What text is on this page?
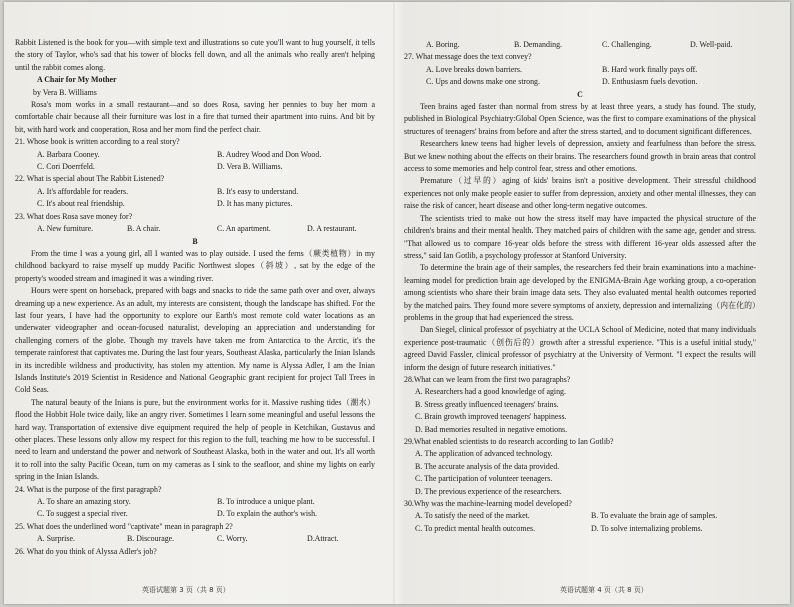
Rabbit Listened is the book for you—with simple text and illustrations so cute you'll want to hug yourself, it tells the story of Taylor, who's sad that his tower of blocks fell down, and all the animals who really aren't helping until the rabbit comes along.

A Chair for My Mother

by Vera B. Williams

Rosa's mom works in a small restaurant—and so does Rosa, saving her pennies to buy her mom a comfortable chair because all their furniture was lost in a fire that turned their apartment into ruins. And bit by bit, with hard work and cooperation, Rosa and her mom find the perfect chair.

21. Whose book is written according to a real story?

A. Barbara Cooney.	B. Audrey Wood and Don Wood.
C. Cori Doerrfeld.	D. Vera B. Williams.

22. What is special about The Rabbit Listened?

A. It's affordable for readers.	B. It's easy to understand.
C. It's about real friendship.	D. It has many pictures.

23. What does Rosa save money for?

A. New furniture.	B. A chair.	C. An apartment.	D. A restaurant.

B

From the time I was a young girl, all I wanted was to play outside. I used the ferns（蕨类植物）in my childhood backyard to raise myself up muddy Pacific Northwest slopes（斜坡）, sat by the edge of the property's wooded stream and imagined it was a winding river.

Hours were spent on horseback, prepared with bags and snacks to ride the same path over and over, always dreaming up a new experience. As an adult, my interests are consistent, though the landscape has shifted. For the last four years, I have had the opportunity to explore our Earth's most remote cold water locations as an underwater videographer and ocean-focused naturalist, developing an appreciation and understanding for challenging corners of the globe. Though my travels have taken me from Antarctica to the Arctic, it's the temperate rainforest that captivates me. During the last four years, Southeast Alaska, particularly the Inian Islands in its incredible wildness and productivity, has stolen my attention. My name is Alyssa Adler, I am the Inian Islands Institute's 2019 Scientist in Residence and National Geographic grant recipient for project Tall Trees in Cold Seas.

The natural beauty of the Inians is pure, but the environment works for it. Massive rushing tides（潮水）flood the Hobbit Hole twice daily, like an angry river. Sometimes I learn some meaningful and useful lessons the hard way. Transportation of extensive dive equipment required the help of people in Ketchikan, Gustavus and other places. These lessons only allow my respect for this region to the full, teaching me how to be successful. I need to learn and understand the power and network of Southeast Alaska, both in the water and out. It's all worth it to roll into the salty Pacific Ocean, turn on my cameras as I sink to the seafloor, and shine my lights on early spring in the Inian Islands.

24. What is the purpose of the first paragraph?

A. To share an amazing story.	B. To introduce a unique plant.
C. To suggest a special river.	D. To explain the author's wish.

25. What does the underlined word "captivate" mean in paragraph 2?

A. Surprise.	B. Discourage.	C. Worry.	D.Attract.

26. What do you think of Alyssa Adler's job?

A. Boring.	B. Demanding.	C. Challenging.	D. Well-paid.

27. What message does the text convey?

A. Love breaks down barriers.	B. Hard work finally pays off.
C. Ups and downs make one strong.	D. Enthusiasm fuels devotion.

C

Teen brains aged faster than normal from stress by at least three years, a study has found. The study, published in Biological Psychiatry:Global Open Science, was the first to compare examinations of the physical structures of teenagers' brains from before and after the stress started, and to document significant differences.

Researchers knew teens had higher levels of depression, anxiety and fearfulness than before the stress. But we knew nothing about the effects on their brains. The researchers found growth in brain areas that control access to some memories and help control fear, stress and other emotions.

Premature（过早的）aging of kids' brains isn't a positive development. Their stressful childhood experiences not only make people easier to suffer from depression, anxiety and other mental illnesses, they can raise the risk of cancer, heart disease and other long-term negative outcomes.

The scientists tried to make out how the stress itself may have impacted the physical structure of the children's brains and their mental health. They matched pairs of children with the same age, gender and stress. "That allowed us to compare 16-year olds before the stress with different 16-year olds assessed after the stress," said Ian Gotlib, a psychology professor at Stanford University.

To determine the brain age of their samples, the researchers fed their brain examinations into a machine-learning model for prediction brain age developed by the ENIGMA-Brain Age working group, a co-operation among scientists who share their brain image data sets. They also evaluated mental health outcomes reported by the matched pairs. They found more severe symptoms of anxiety, depression and internalizing（内在化的）problems in the group that had experienced the stress.

Dan Siegel, clinical professor of psychiatry at the UCLA School of Medicine, noted that many individuals experience post-traumatic（创伤后的）growth after a stressful experience. "This is a useful initial study," agreed David Fassler, clinical professor of psychiatry at the University of Vermont. "I expect the results will inform the design of future research initiatives."

28.What can we learn from the first two paragraphs?

A. Researchers had a good knowledge of aging.

B. Stress greatly influenced teenagers' brains.

C. Brain growth improved teenagers' happiness.

D. Bad memories resulted in negative emotions.

29.What enabled scientists to do research according to Ian Gotlib?

A. The application of advanced technology.

B. The accurate analysis of the data provided.

C. The participation of volunteer teenagers.

D. The previous experience of the researchers.

30.Why was the machine-learning model developed?

A. To satisfy the need of the market.	B. To evaluate the brain age of samples.
C. To predict mental health outcomes.	D. To solve internalizing problems.
英语试题第 3 页（共 8 页）	英语试题第 4 页（共 8 页）
